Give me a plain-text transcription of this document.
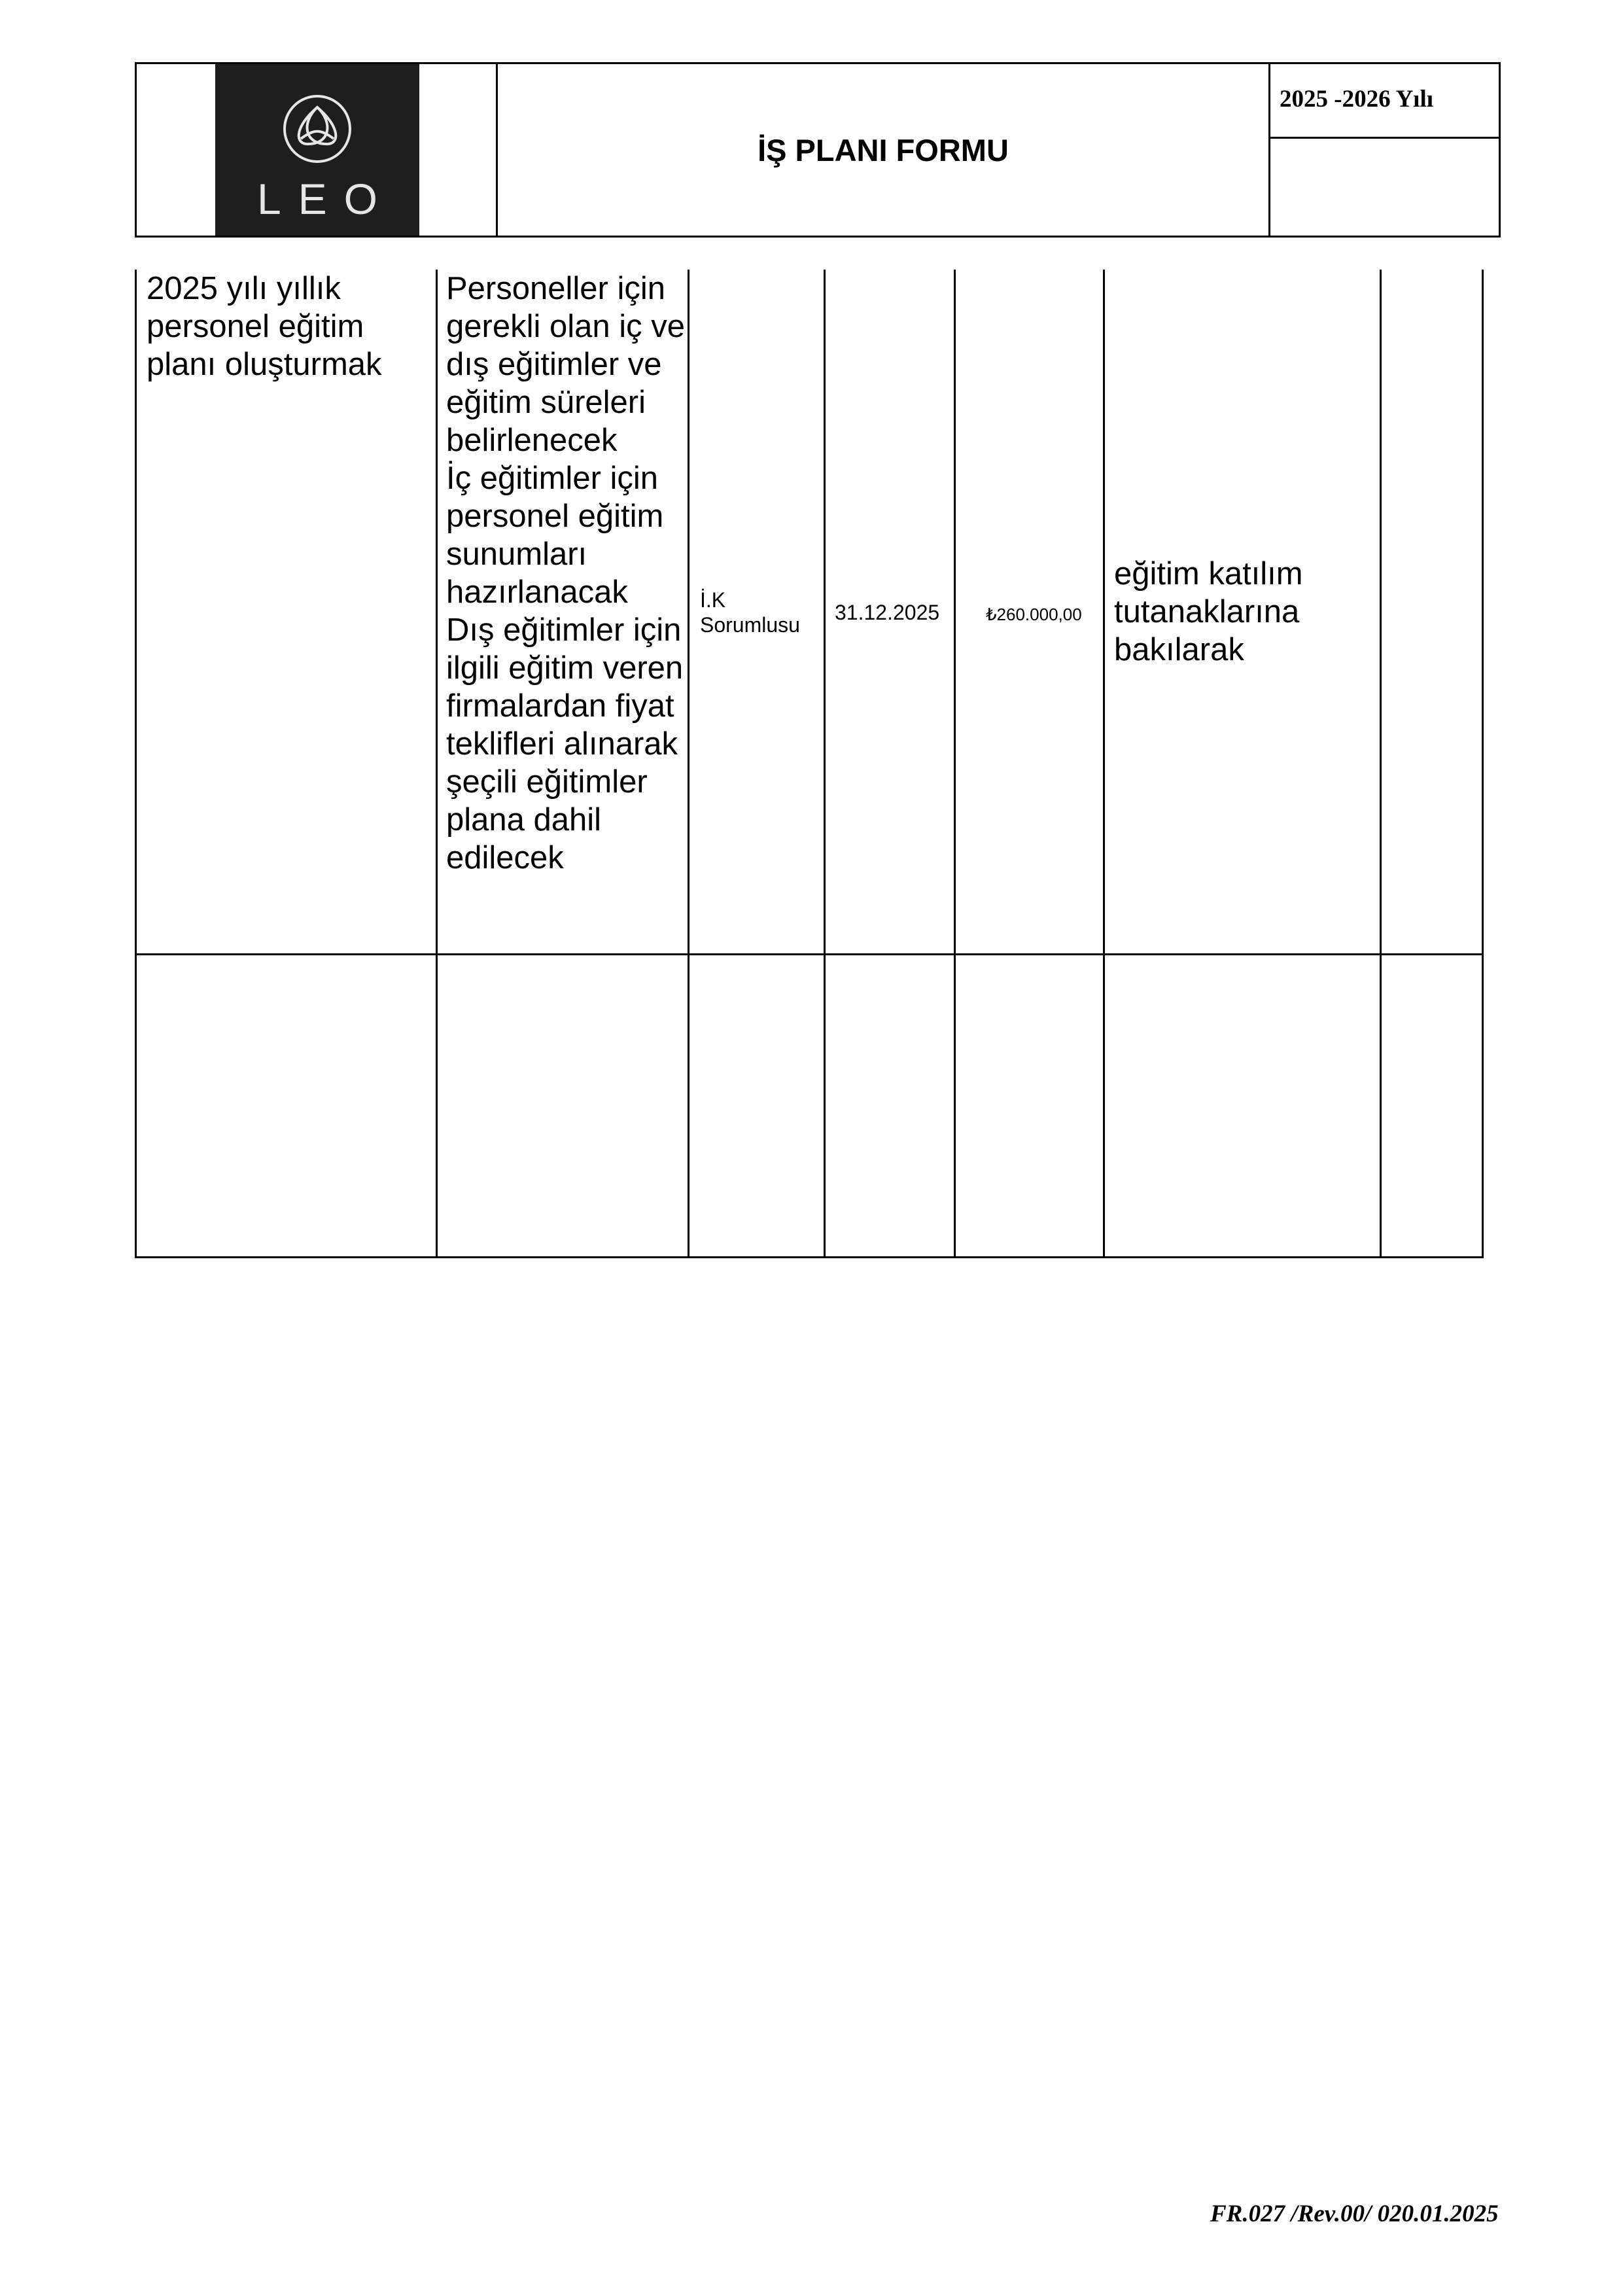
LEO
İŞ PLANI FORMU
2025 -2026 Yılı
2025 yılı yıllık personel eğitim planı oluşturmak
Personeller için gerekli olan iç ve dış eğitimler ve eğitim süreleri belirlenecek
İç eğitimler için personel eğitim sunumları hazırlanacak
Dış eğitimler için ilgili eğitim veren firmalardan fiyat teklifleri alınarak şeçili eğitimler plana dahil edilecek
İ.K Sorumlusu
31.12.2025	₺260.000,00
eğitim katılım tutanaklarına bakılarak
FR.027 /Rev.00/ 020.01.2025
